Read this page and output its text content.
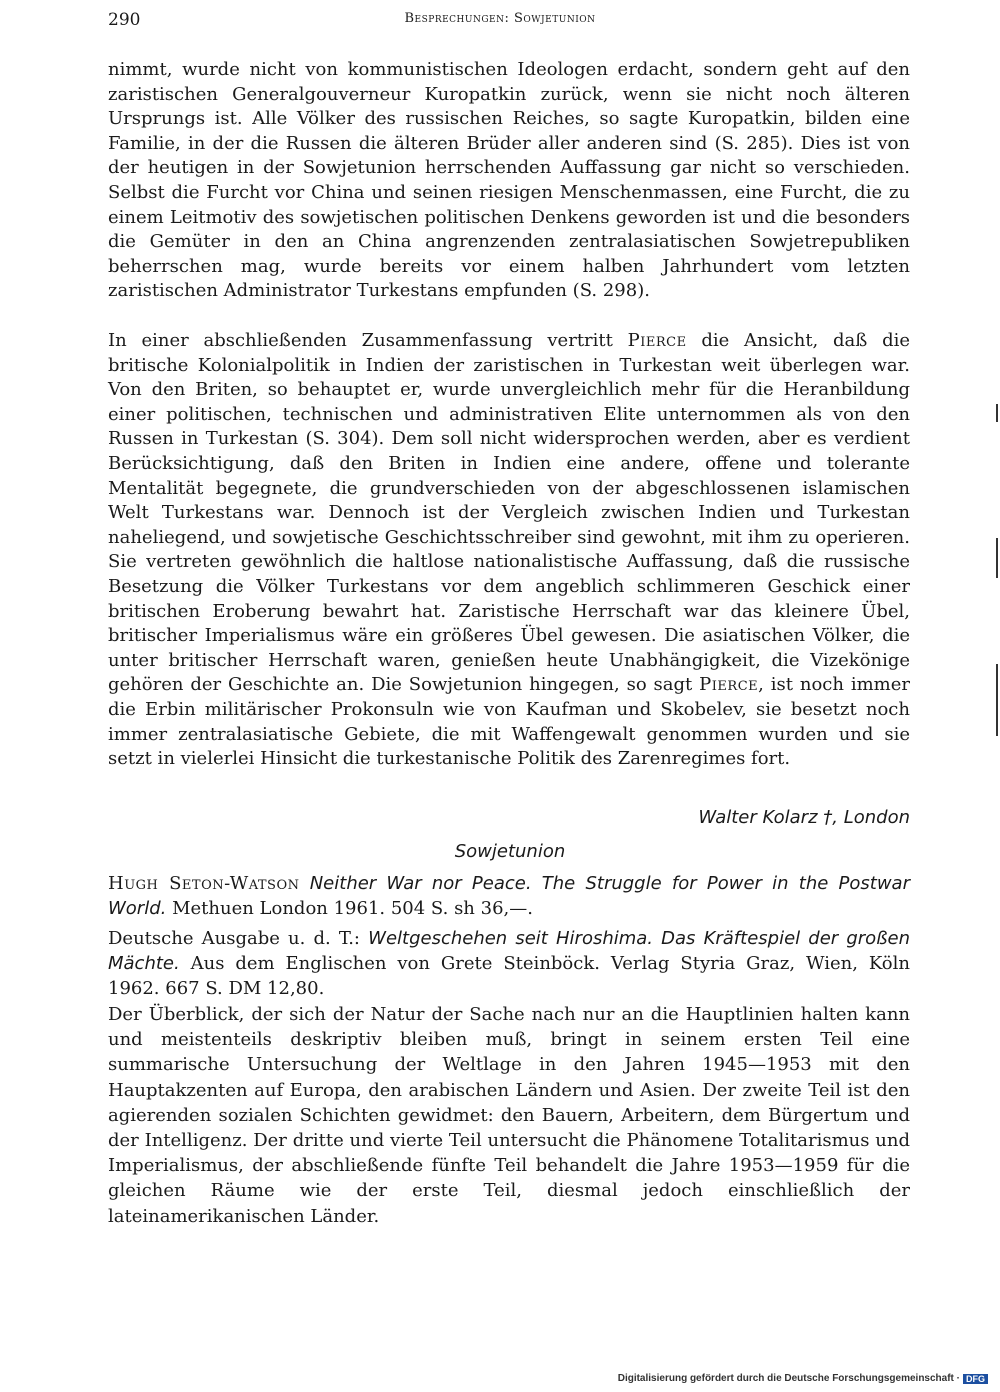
290	Besprechungen: Sowjetunion

nimmt, wurde nicht von kommunistischen Ideologen erdacht, sondern geht auf den zaristischen Generalgouverneur Kuropatkin zurück, wenn sie nicht noch älteren Ursprungs ist. Alle Völker des russischen Reiches, so sagte Kuropatkin, bilden eine Familie, in der die Russen die älteren Brüder aller anderen sind (S. 285). Dies ist von der heutigen in der Sowjetunion herrschenden Auffassung gar nicht so verschieden. Selbst die Furcht vor China und seinen riesigen Menschenmassen, eine Furcht, die zu einem Leitmotiv des sowjetischen politischen Denkens geworden ist und die besonders die Gemüter in den an China angrenzenden zentralasiatischen Sowjetrepubliken beherrschen mag, wurde bereits vor einem halben Jahrhundert vom letzten zaristischen Administrator Turkestans empfunden (S. 298).

In einer abschließenden Zusammenfassung vertritt Pierce die Ansicht, daß die britische Kolonialpolitik in Indien der zaristischen in Turkestan weit überlegen war. Von den Briten, so behauptet er, wurde unvergleichlich mehr für die Heranbildung einer politischen, technischen und administrativen Elite unternommen als von den Russen in Turkestan (S. 304). Dem soll nicht widersprochen werden, aber es verdient Berücksichtigung, daß den Briten in Indien eine andere, offene und tolerante Mentalität begegnete, die grundverschieden von der abgeschlossenen islamischen Welt Turkestans war. Dennoch ist der Vergleich zwischen Indien und Turkestan naheliegend, und sowjetische Geschichtsschreiber sind gewohnt, mit ihm zu operieren. Sie vertreten gewöhnlich die haltlose nationalistische Auffassung, daß die russische Besetzung die Völker Turkestans vor dem angeblich schlimmeren Geschick einer britischen Eroberung bewahrt hat. Zaristische Herrschaft war das kleinere Übel, britischer Imperialismus wäre ein größeres Übel gewesen. Die asiatischen Völker, die unter britischer Herrschaft waren, genießen heute Unabhängigkeit, die Vizekönige gehören der Geschichte an. Die Sowjetunion hingegen, so sagt Pierce, ist noch immer die Erbin militärischer Prokonsuln wie von Kaufman und Skobelev, sie besetzt noch immer zentralasiatische Gebiete, die mit Waffengewalt genommen wurden und sie setzt in vielerlei Hinsicht die turkestanische Politik des Zarenregimes fort.

Walter Kolarz †, London
Sowjetunion

Hugh Seton-Watson Neither War nor Peace. The Struggle for Power in the Postwar World. Methuen London 1961. 504 S. sh 36,—.

Deutsche Ausgabe u. d. T.: Weltgeschehen seit Hiroshima. Das Kräftespiel der großen Mächte. Aus dem Englischen von Grete Steinböck. Verlag Styria Graz, Wien, Köln 1962. 667 S. DM 12,80.

Der Überblick, der sich der Natur der Sache nach nur an die Hauptlinien halten kann und meistenteils deskriptiv bleiben muß, bringt in seinem ersten Teil eine summarische Untersuchung der Weltlage in den Jahren 1945—1953 mit den Hauptakzenten auf Europa, den arabischen Ländern und Asien. Der zweite Teil ist den agierenden sozialen Schichten gewidmet: den Bauern, Arbeitern, dem Bürgertum und der Intelligenz. Der dritte und vierte Teil untersucht die Phänomene Totalitarismus und Imperialismus, der abschließende fünfte Teil behandelt die Jahre 1953—1959 für die gleichen Räume wie der erste Teil, diesmal jedoch einschließlich der lateinamerikanischen Länder.

Digitalisierung gefördert durch die Deutsche Forschungsgemeinschaft · DFG
